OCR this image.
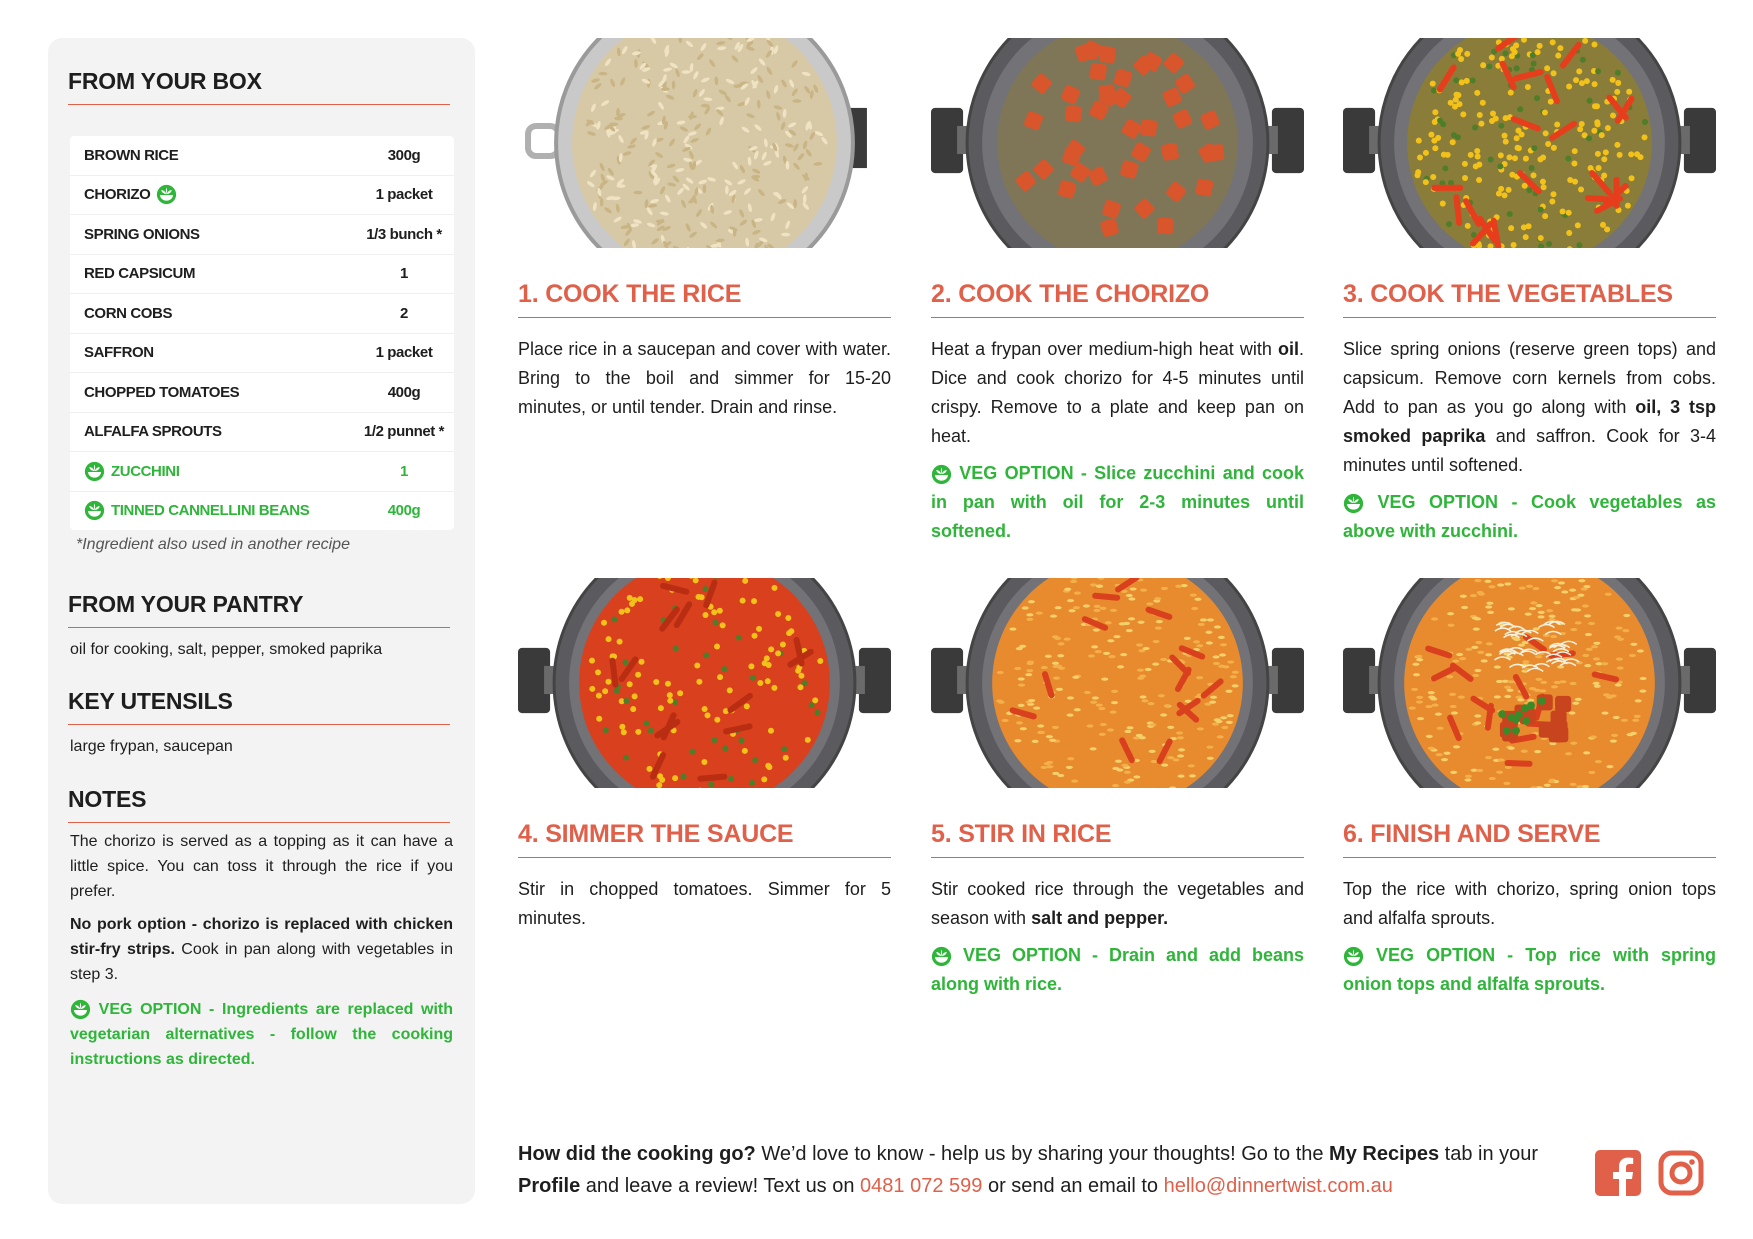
FROM YOUR BOX
BROWN RICE	300g
CHORIZO	1 packet
SPRING ONIONS	1/3 bunch *
RED CAPSICUM	1
CORN COBS	2
SAFFRON	1 packet
CHOPPED TOMATOES	400g
ALFALFA SPROUTS	1/2 punnet *
ZUCCHINI	1
TINNED CANNELLINI BEANS	400g
*Ingredient also used in another recipe
FROM YOUR PANTRY
oil for cooking, salt, pepper, smoked paprika
KEY UTENSILS
large frypan, saucepan
NOTES
The chorizo is served as a topping as it can have a little spice. You can toss it through the rice if you prefer.
No pork option - chorizo is replaced with chicken stir-fry strips. Cook in pan along with vegetables in step 3.
VEG OPTION - Ingredients are replaced with vegetarian alternatives - follow the cooking instructions as directed.
1. COOK THE RICE
Place rice in a saucepan and cover with water. Bring to the boil and simmer for 15-20 minutes, or until tender. Drain and rinse.
2. COOK THE CHORIZO
Heat a frypan over medium-high heat with oil. Dice and cook chorizo for 4-5 minutes until crispy. Remove to a plate and keep pan on heat.
VEG OPTION - Slice zucchini and cook in pan with oil for 2-3 minutes until softened.
3. COOK THE VEGETABLES
Slice spring onions (reserve green tops) and capsicum. Remove corn kernels from cobs. Add to pan as you go along with oil, 3 tsp smoked paprika and saffron. Cook for 3-4 minutes until softened.
VEG OPTION - Cook vegetables as above with zucchini.
4. SIMMER THE SAUCE
Stir in chopped tomatoes. Simmer for 5 minutes.
5. STIR IN RICE
Stir cooked rice through the vegetables and season with salt and pepper.
VEG OPTION - Drain and add beans along with rice.
6. FINISH AND SERVE
Top the rice with chorizo, spring onion tops and alfalfa sprouts.
VEG OPTION - Top rice with spring onion tops and alfalfa sprouts.
How did the cooking go? We’d love to know - help us by sharing your thoughts! Go to the My Recipes tab in your Profile and leave a review! Text us on 0481 072 599 or send an email to hello@dinnertwist.com.au
